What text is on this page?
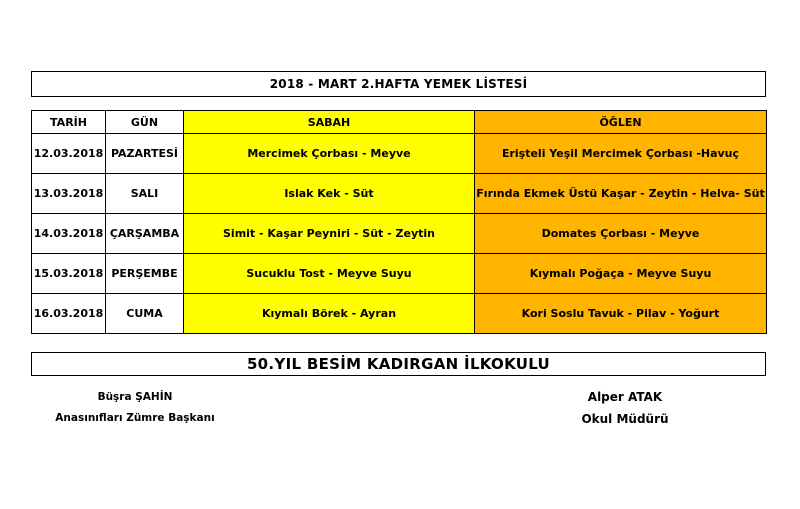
2018 - MART 2.HAFTA YEMEK LİSTESİ
TARİH	GÜN	SABAH	ÖĞLEN
12.03.2018	PAZARTESİ	Mercimek Çorbası - Meyve	Erişteli Yeşil Mercimek Çorbası -Havuç
13.03.2018	SALI	Islak Kek - Süt	Fırında Ekmek Üstü Kaşar - Zeytin - Helva- Süt
14.03.2018	ÇARŞAMBA	Simit - Kaşar Peyniri - Süt - Zeytin	Domates Çorbası - Meyve
15.03.2018	PERŞEMBE	Sucuklu Tost - Meyve Suyu	Kıymalı Poğaça - Meyve Suyu
16.03.2018	CUMA	Kıymalı Börek - Ayran	Kori Soslu Tavuk - Pilav - Yoğurt
50.YIL BESİM KADIRGAN İLKOKULU
Büşra ŞAHİN
Anasınıfları Zümre Başkanı
Alper ATAK
Okul Müdürü
